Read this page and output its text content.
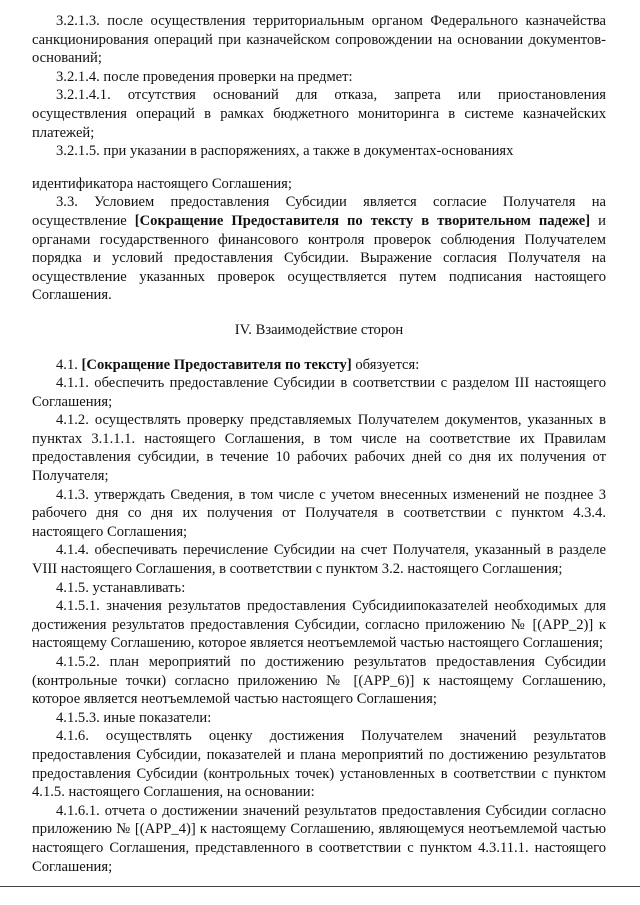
3.2.1.3. после осуществления территориальным органом Федерального казначейства санкционирования операций при казначейском сопровождении на основании документов-оснований;

3.2.1.4. после проведения проверки на предмет:

3.2.1.4.1. отсутствия оснований для отказа, запрета или приостановления осуществления операций в рамках бюджетного мониторинга в системе казначейских платежей;

3.2.1.5. при указании в распоряжениях, а также в документах-основаниях

идентификатора настоящего Соглашения;

3.3. Условием предоставления Субсидии является согласие Получателя на осуществление [Сокращение Предоставителя по тексту в творительном падеже] и органами государственного финансового контроля проверок соблюдения Получателем порядка и условий предоставления Субсидии. Выражение согласия Получателя на осуществление указанных проверок осуществляется путем подписания настоящего Соглашения.

IV. Взаимодействие сторон

4.1. [Сокращение Предоставителя по тексту] обязуется:

4.1.1. обеспечить предоставление Субсидии в соответствии с разделом III настоящего Соглашения;

4.1.2. осуществлять проверку представляемых Получателем документов, указанных в пунктах 3.1.1.1. настоящего Соглашения, в том числе на соответствие их Правилам предоставления субсидии, в течение 10 рабочих рабочих дней со дня их получения от Получателя;

4.1.3. утверждать Сведения, в том числе с учетом внесенных изменений не позднее 3 рабочего дня со дня их получения от Получателя в соответствии с пунктом 4.3.4. настоящего Соглашения;

4.1.4. обеспечивать перечисление Субсидии на счет Получателя, указанный в разделе VIII настоящего Соглашения, в соответствии с пунктом 3.2. настоящего Соглашения;

4.1.5. устанавливать:

4.1.5.1. значения результатов предоставления Субсидиипоказателей необходимых для достижения результатов предоставления Субсидии, согласно приложению № [(APP_2)] к настоящему Соглашению, которое является неотъемлемой частью настоящего Соглашения;

4.1.5.2. план мероприятий по достижению результатов предоставления Субсидии (контрольные точки) согласно приложению № [(APP_6)] к настоящему Соглашению, которое является неотъемлемой частью настоящего Соглашения;

4.1.5.3. иные показатели:

4.1.6. осуществлять оценку достижения Получателем значений результатов предоставления Субсидии, показателей и плана мероприятий по достижению результатов предоставления Субсидии (контрольных точек) установленных в соответствии с пунктом 4.1.5. настоящего Соглашения, на основании:

4.1.6.1. отчета о достижении значений результатов предоставления Субсидии согласно приложению № [(APP_4)] к настоящему Соглашению, являющемуся неотъемлемой частью настоящего Соглашения, представленного в соответствии с пунктом 4.3.11.1. настоящего Соглашения;
